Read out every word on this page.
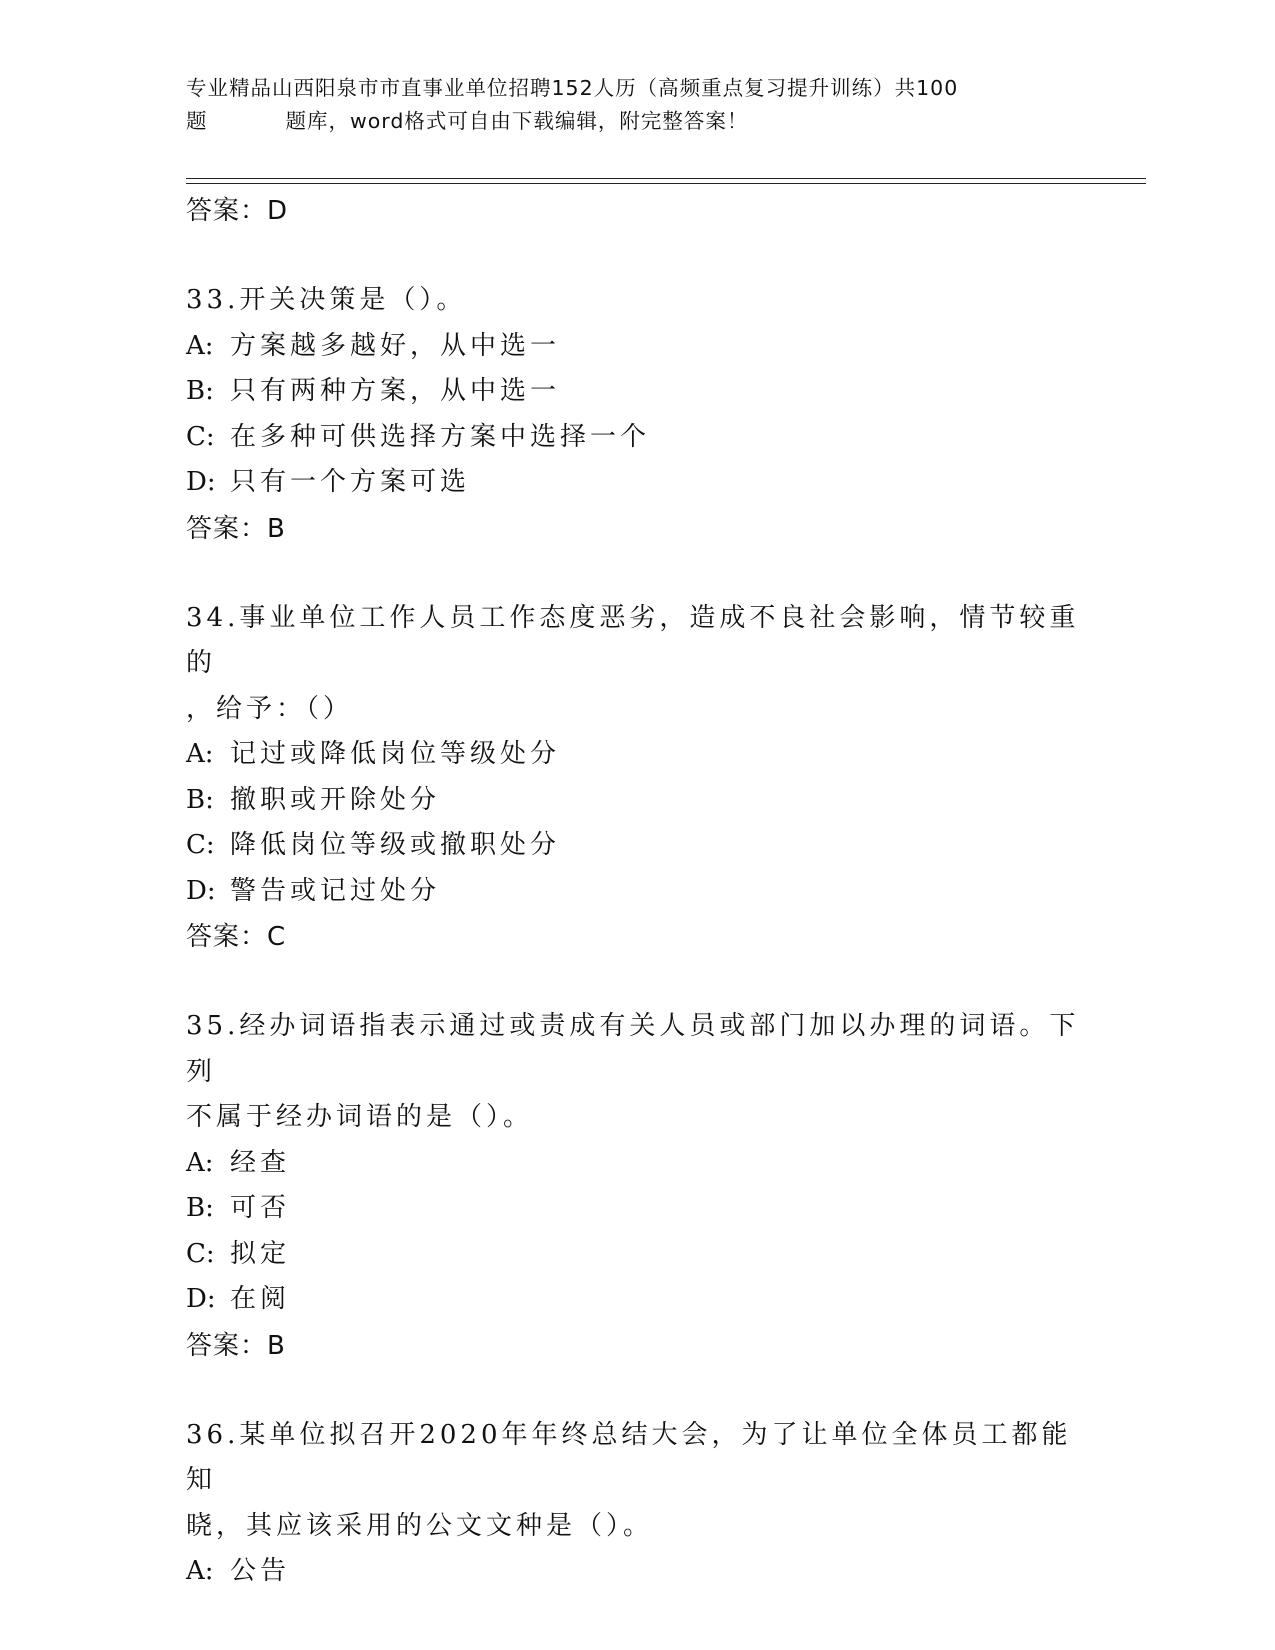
专业精品山西阳泉市市直事业单位招聘152人历（高频重点复习提升训练）共100
题	题库，word格式可自由下载编辑，附完整答案！
答案：D
33.开关决策是（）。
A: 方案越多越好，从中选一
B: 只有两种方案，从中选一
C: 在多种可供选择方案中选择一个
D: 只有一个方案可选
答案：B
34.事业单位工作人员工作态度恶劣，造成不良社会影响，情节较重的
，给予：（）
A: 记过或降低岗位等级处分
B: 撤职或开除处分
C: 降低岗位等级或撤职处分
D: 警告或记过处分
答案：C
35.经办词语指表示通过或责成有关人员或部门加以办理的词语。下列
不属于经办词语的是（）。
A: 经查
B: 可否
C: 拟定
D: 在阅
答案：B
36.某单位拟召开2020年年终总结大会，为了让单位全体员工都能知
晓，其应该采用的公文文种是（）。
A: 公告
